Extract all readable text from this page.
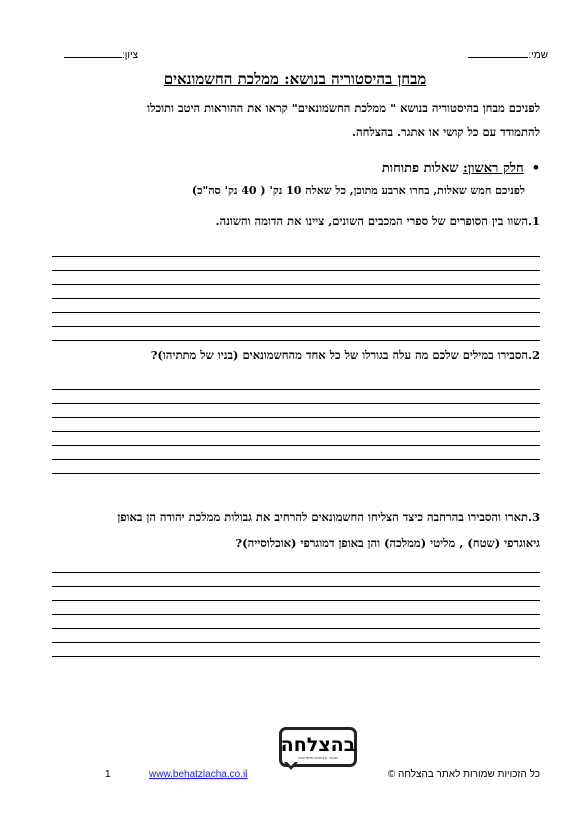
שמי:
ציון:
מבחן בהיסטוריה בנושא: ממלכת החשמונאים
לפניכם מבחן בהיסטוריה בנושא " ממלכת החשמונאים" קראו את ההוראות היטב ותוכלו
להתמודד עם כל קושי או אתגר. בהצלחה.
•חלק ראשון: שאלות פתוחות
לפניכם חמש שאלות, בחרו ארבע מתוכן, כל שאלה 10 נק' ( 40 נק' סה"כ)
1.השוו בין הסופרים של ספרי המכבים השונים, ציינו את הדומה והשונה.
2.הסבירו במילים שלכם מה עלה בגורלו של כל אחד מהחשמונאים (בניו של מתתיהו)?
3.תארו והסבירו בהרחבה כיצד הצליחו החשמונאים להרחיב את גבולות ממלכת יהודה הן באופן
גיאוגרפי (שטח) , מליטי (ממלכה) והן באופן דמוגרפי (אוכלוסייה)?
בהצלחה
מאגר מבחנים ופתרונות
1	www.behatzlacha.co.il	כל הזכויות שמורות לאתר בהצלחה ©
